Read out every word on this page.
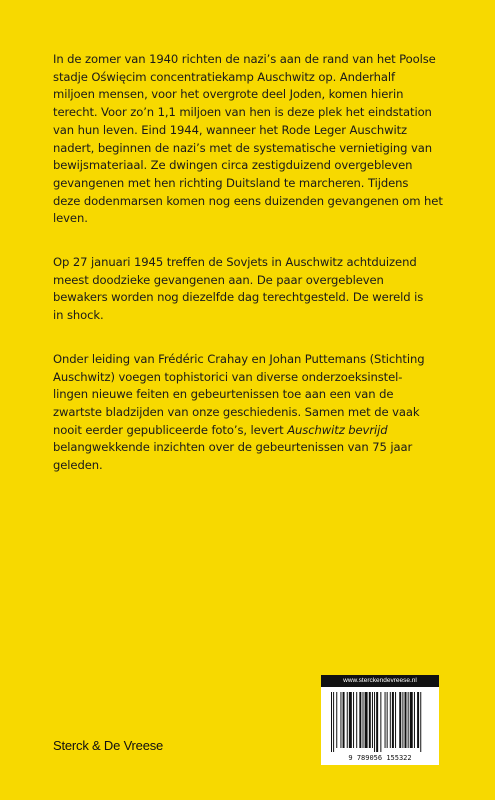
In de zomer van 1940 richten de nazi’s aan de rand van het Poolse
stadje Oświęcim concentratiekamp Auschwitz op. Anderhalf
miljoen mensen, voor het overgrote deel Joden, komen hierin
terecht. Voor zo’n 1,1 miljoen van hen is deze plek het eindstation
van hun leven. Eind 1944, wanneer het Rode Leger Auschwitz
nadert, beginnen de nazi’s met de systematische vernietiging van
bewijsmateriaal. Ze dwingen circa zestigduizend overgebleven
gevangenen met hen richting Duitsland te marcheren. Tijdens
deze dodenmarsen komen nog eens duizenden gevangenen om het
leven.

Op 27 januari 1945 treffen de Sovjets in Auschwitz achtduizend
meest doodzieke gevangenen aan. De paar overgebleven
bewakers worden nog diezelfde dag terechtgesteld. De wereld is
in shock.

Onder leiding van Frédéric Crahay en Johan Puttemans (Stichting
Auschwitz) voegen tophistorici van diverse onderzoeksinstel-
lingen nieuwe feiten en gebeurtenissen toe aan een van de
zwartste bladzijden van onze geschiedenis. Samen met de vaak
nooit eerder gepubliceerde foto’s, levert Auschwitz bevrijd
belangwekkende inzichten over de gebeurtenissen van 75 jaar
geleden.

Sterck & De Vreese
www.sterckendevreese.nl
9 789056 155322
